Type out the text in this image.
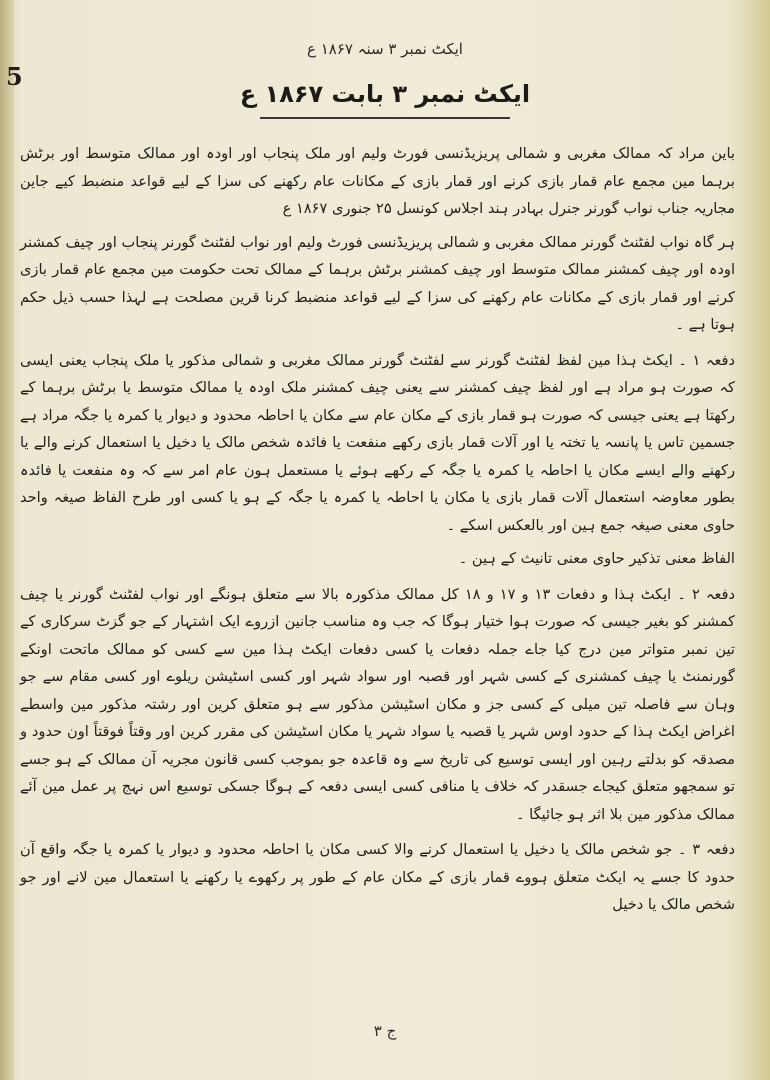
ایکٹ نمبر ۳ سنہ ۱۸۶۷ ع
5
ایکٹ نمبر ۳ بابت ۱۸۶۷ ع

باین مراد کہ ممالک مغربی و شمالی پریزیڈنسی فورٹ ولیم اور ملک پنجاب اور اودہ اور ممالک متوسط اور برٹش برہما مین مجمع عام قمار بازی کرنے اور قمار بازی کے مکانات عام رکھنے کی سزا کے لیے قواعد منضبط کیے جاین مجاریہ جناب نواب گورنر جنرل بہادر ہند اجلاس کونسل ۲۵ جنوری ۱۸۶۷ ع

ہر گاہ نواب لفٹنٹ گورنر ممالک مغربی و شمالی پریزیڈنسی فورٹ ولیم اور نواب لفٹنٹ گورنر پنجاب اور چیف کمشنر اودہ اور چیف کمشنر ممالک متوسط اور چیف کمشنر برٹش برہما کے ممالک تحت حکومت مین مجمع عام قمار بازی کرنے اور قمار بازی کے مکانات عام رکھنے کی سزا کے لیے قواعد منضبط کرنا قرین مصلحت ہے لہذا حسب ذیل حکم ہوتا ہے ۔

دفعہ ۱ ۔ ایکٹ ہذا مین لفظ لفٹنٹ گورنر سے لفٹنٹ گورنر ممالک مغربی و شمالی مذکور یا ملک پنجاب یعنی ایسی کہ صورت ہو مراد ہے اور لفظ چیف کمشنر سے یعنی چیف کمشنر ملک اودہ یا ممالک متوسط یا برٹش برہما کے رکھتا ہے یعنی جیسی کہ صورت ہو قمار بازی کے مکان عام سے مکان یا احاطہ محدود و دیوار یا کمرہ یا جگہ مراد ہے جسمین تاس یا پانسہ یا تختہ یا اور آلات قمار بازی رکھے منفعت یا فائدہ شخص مالک یا دخیل یا استعمال کرنے والے یا رکھنے والے ایسے مکان یا احاطہ یا کمرہ یا جگہ کے رکھے ہوئے یا مستعمل ہون عام امر سے کہ وہ منفعت یا فائدہ بطور معاوضہ استعمال آلات قمار بازی یا مکان یا احاطہ یا کمرہ یا جگہ کے ہو یا کسی اور طرح الفاظ صیغہ واحد حاوی معنی صیغہ جمع ہین اور بالعکس اسکے ۔

الفاظ معنی تذکیر حاوی معنی تانیث کے ہین ۔

دفعہ ۲ ۔ ایکٹ ہذا و دفعات ۱۳ و ۱۷ و ۱۸ کل ممالک مذکورہ بالا سے متعلق ہونگے اور نواب لفٹنٹ گورنر یا چیف کمشنر کو بغیر جیسی کہ صورت ہوا ختیار ہوگا کہ جب وہ مناسب جانین ازروے ایک اشتہار کے جو گزٹ سرکاری کے تین نمبر متواتر مین درج کیا جاے جملہ دفعات یا کسی دفعات ایکٹ ہذا مین سے کسی کو ممالک ماتحت اونکے گورنمنٹ یا چیف کمشنری کے کسی شہر اور قصبہ اور سواد شہر اور کسی اسٹیشن ریلوے اور کسی مقام سے جو وہان سے فاصلہ تین میلی کے کسی جز و مکان اسٹیشن مذکور سے ہو متعلق کرین اور رشتہ مذکور مین واسطے اغراض ایکٹ ہذا کے حدود اوس شہر یا قصبہ یا سواد شہر یا مکان اسٹیشن کی مقرر کرین اور وقتاً فوقتاً اون حدود و مصدقہ کو بدلتے رہین اور ایسی توسیع کی تاریخ سے وہ قاعدہ جو بموجب کسی قانون مجریہ آن ممالک کے ہو جسے تو سمجھو متعلق کیجاے جسقدر کہ خلاف یا منافی کسی ایسی دفعہ کے ہوگا جسکی توسیع اس نہج پر عمل مین آئے ممالک مذکور مین بلا اثر ہو جائیگا ۔

دفعہ ۳ ۔ جو شخص مالک یا دخیل یا استعمال کرنے والا کسی مکان یا احاطہ محدود و دیوار یا کمرہ یا جگہ واقع آن حدود کا جسے یہ ایکٹ متعلق ہووے قمار بازی کے مکان عام کے طور پر رکھوے یا رکھنے یا استعمال مین لانے اور جو شخص مالک یا دخیل

۳ ج
